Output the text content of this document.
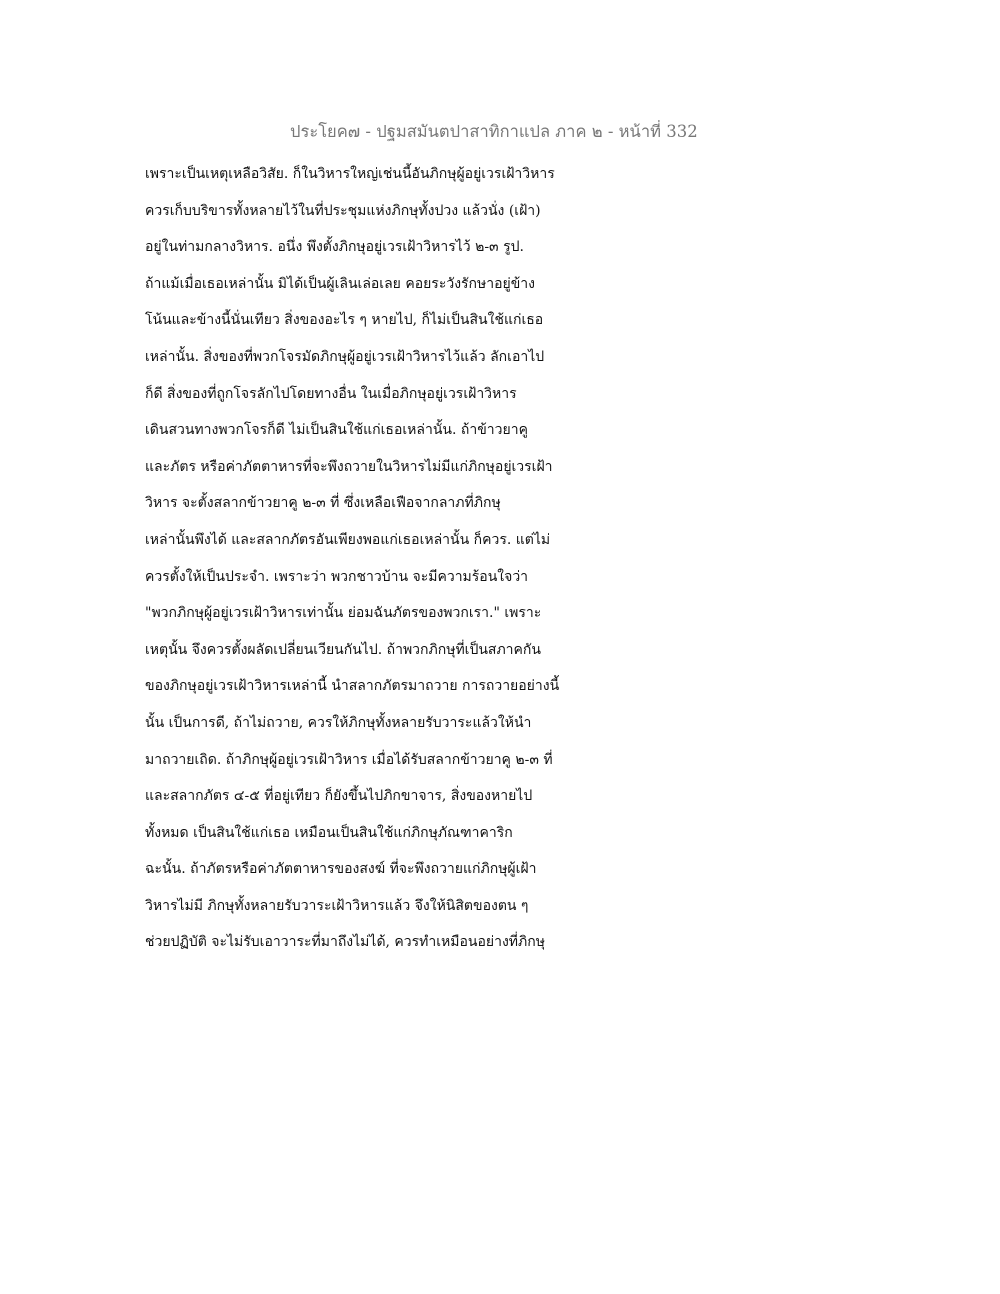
ประโยค๗ - ปฐมสมันตปาสาทิกาแปล ภาค ๒ - หน้าที่ 332
เพราะเป็นเหตุเหลือวิสัย. ก็ในวิหารใหญ่เช่นนี้อันภิกษุผู้อยู่เวรเฝ้าวิหาร
ควรเก็บบริขารทั้งหลายไว้ในที่ประชุมแห่งภิกษุทั้งปวง แล้วนั่ง (เฝ้า)
อยู่ในท่ามกลางวิหาร. อนึ่ง พึงตั้งภิกษุอยู่เวรเฝ้าวิหารไว้ ๒-๓ รูป.
ถ้าแม้เมื่อเธอเหล่านั้น มิได้เป็นผู้เลินเล่อเลย คอยระวังรักษาอยู่ข้าง
โน้นและข้างนี้นั่นเทียว สิ่งของอะไร ๆ หายไป, ก็ไม่เป็นสินใช้แก่เธอ
เหล่านั้น. สิ่งของที่พวกโจรมัดภิกษุผู้อยู่เวรเฝ้าวิหารไว้แล้ว ลักเอาไป
ก็ดี สิ่งของที่ถูกโจรลักไปโดยทางอื่น ในเมื่อภิกษุอยู่เวรเฝ้าวิหาร
เดินสวนทางพวกโจรก็ดี ไม่เป็นสินใช้แก่เธอเหล่านั้น. ถ้าข้าวยาคู
และภัตร หรือค่าภัตตาหารที่จะพึงถวายในวิหารไม่มีแก่ภิกษุอยู่เวรเฝ้า
วิหาร จะตั้งสลากข้าวยาคู ๒-๓ ที่ ซึ่งเหลือเฟือจากลาภที่ภิกษุ
เหล่านั้นพึงได้ และสลากภัตรอันเพียงพอแก่เธอเหล่านั้น ก็ควร. แต่ไม่
ควรตั้งให้เป็นประจำ. เพราะว่า พวกชาวบ้าน จะมีความร้อนใจว่า
"พวกภิกษุผู้อยู่เวรเฝ้าวิหารเท่านั้น ย่อมฉันภัตรของพวกเรา." เพราะ
เหตุนั้น จึงควรตั้งผลัดเปลี่ยนเวียนกันไป. ถ้าพวกภิกษุที่เป็นสภาคกัน
ของภิกษุอยู่เวรเฝ้าวิหารเหล่านี้ นำสลากภัตรมาถวาย การถวายอย่างนี้
นั้น เป็นการดี, ถ้าไม่ถวาย, ควรให้ภิกษุทั้งหลายรับวาระแล้วให้นำ
มาถวายเถิด. ถ้าภิกษุผู้อยู่เวรเฝ้าวิหาร เมื่อได้รับสลากข้าวยาคู ๒-๓ ที่
และสลากภัตร ๔-๕ ที่อยู่เทียว ก็ยังขึ้นไปภิกขาจาร, สิ่งของหายไป
ทั้งหมด เป็นสินใช้แก่เธอ เหมือนเป็นสินใช้แก่ภิกษุภัณฑาคาริก
ฉะนั้น. ถ้าภัตรหรือค่าภัตตาหารของสงฆ์ ที่จะพึงถวายแก่ภิกษุผู้เฝ้า
วิหารไม่มี ภิกษุทั้งหลายรับวาระเฝ้าวิหารแล้ว จึงให้นิสิตของตน ๆ
ช่วยปฏิบัติ จะไม่รับเอาวาระที่มาถึงไม่ได้, ควรทำเหมือนอย่างที่ภิกษุ
